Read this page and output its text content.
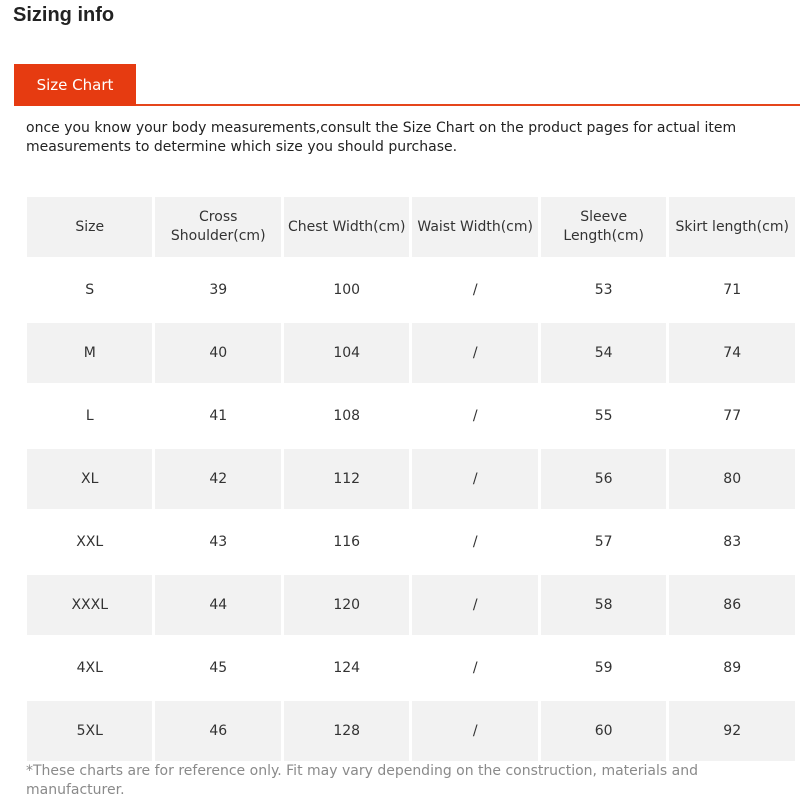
Sizing info
Size Chart

once you know your body measurements,consult the Size Chart on the product pages for actual item measurements to determine which size you should purchase.

Size	Cross Shoulder(cm)	Chest Width(cm)	Waist Width(cm)	Sleeve Length(cm)	Skirt length(cm)
S	39	100	/	53	71
M	40	104	/	54	74
L	41	108	/	55	77
XL	42	112	/	56	80
XXL	43	116	/	57	83
XXXL	44	120	/	58	86
4XL	45	124	/	59	89
5XL	46	128	/	60	92

*These charts are for reference only. Fit may vary depending on the construction, materials and manufacturer.
